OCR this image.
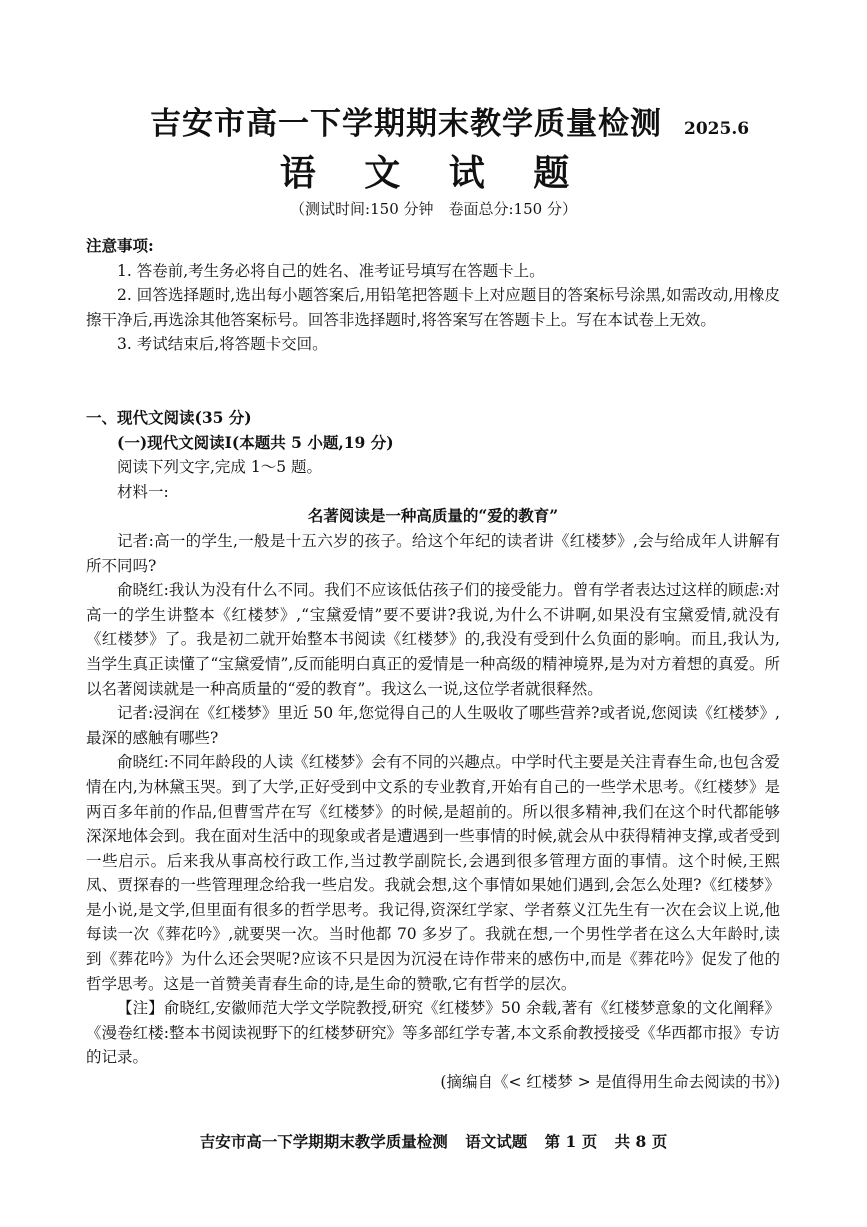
吉安市高一下学期期末教学质量检测 2025.6
语 文 试 题
（测试时间:150 分钟　卷面总分:150 分）

注意事项:

1. 答卷前,考生务必将自己的姓名、准考证号填写在答题卡上。

2. 回答选择题时,选出每小题答案后,用铅笔把答题卡上对应题目的答案标号涂黑,如需改动,用橡皮擦干净后,再选涂其他答案标号。回答非选择题时,将答案写在答题卡上。写在本试卷上无效。

3. 考试结束后,将答题卡交回。

一、现代文阅读(35 分)

(一)现代文阅读Ⅰ(本题共 5 小题,19 分)

阅读下列文字,完成 1～5 题。

材料一:

名著阅读是一种高质量的“爱的教育”

记者:高一的学生,一般是十五六岁的孩子。给这个年纪的读者讲《红楼梦》,会与给成年人讲解有所不同吗?

俞晓红:我认为没有什么不同。我们不应该低估孩子们的接受能力。曾有学者表达过这样的顾虑:对高一的学生讲整本《红楼梦》,“宝黛爱情”要不要讲?我说,为什么不讲啊,如果没有宝黛爱情,就没有《红楼梦》了。我是初二就开始整本书阅读《红楼梦》的,我没有受到什么负面的影响。而且,我认为,当学生真正读懂了“宝黛爱情”,反而能明白真正的爱情是一种高级的精神境界,是为对方着想的真爱。所以名著阅读就是一种高质量的“爱的教育”。我这么一说,这位学者就很释然。

记者:浸润在《红楼梦》里近 50 年,您觉得自己的人生吸收了哪些营养?或者说,您阅读《红楼梦》,最深的感触有哪些?

俞晓红:不同年龄段的人读《红楼梦》会有不同的兴趣点。中学时代主要是关注青春生命,也包含爱情在内,为林黛玉哭。到了大学,正好受到中文系的专业教育,开始有自己的一些学术思考。《红楼梦》是两百多年前的作品,但曹雪芹在写《红楼梦》的时候,是超前的。所以很多精神,我们在这个时代都能够深深地体会到。我在面对生活中的现象或者是遭遇到一些事情的时候,就会从中获得精神支撑,或者受到一些启示。后来我从事高校行政工作,当过教学副院长,会遇到很多管理方面的事情。这个时候,王熙凤、贾探春的一些管理理念给我一些启发。我就会想,这个事情如果她们遇到,会怎么处理?《红楼梦》是小说,是文学,但里面有很多的哲学思考。我记得,资深红学家、学者蔡义江先生有一次在会议上说,他每读一次《葬花吟》,就要哭一次。当时他都 70 多岁了。我就在想,一个男性学者在这么大年龄时,读到《葬花吟》为什么还会哭呢?应该不只是因为沉浸在诗作带来的感伤中,而是《葬花吟》促发了他的哲学思考。这是一首赞美青春生命的诗,是生命的赞歌,它有哲学的层次。

【注】俞晓红,安徽师范大学文学院教授,研究《红楼梦》50 余载,著有《红楼梦意象的文化阐释》《漫卷红楼:整本书阅读视野下的红楼梦研究》等多部红学专著,本文系俞教授接受《华西都市报》专访的记录。

(摘编自《< 红楼梦 > 是值得用生命去阅读的书》)

吉安市高一下学期期末教学质量检测 语文试题 第 1 页 共 8 页
